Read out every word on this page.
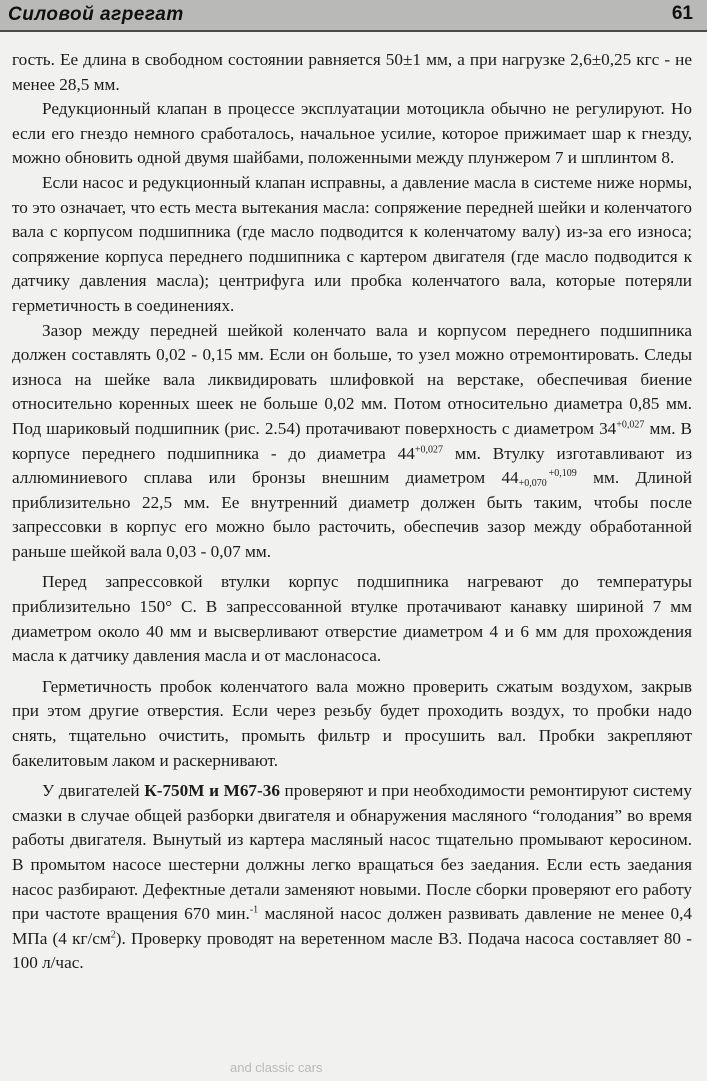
Силовой агрегат	61

гость. Ее длина в свободном состоянии равняется 50±1 мм, а при нагрузке 2,6±0,25 кгс - не менее 28,5 мм.

Редукционный клапан в процессе эксплуатации мотоцикла обычно не регулируют. Но если его гнездо немного сработалось, начальное усилие, которое прижимает шар к гнезду, можно обновить одной двумя шайбами, положенными между плунжером 7 и шплинтом 8.

Если насос и редукционный клапан исправны, а давление масла в системе ниже нормы, то это означает, что есть места вытекания масла: сопряжение передней шейки и коленчатого вала с корпусом подшипника (где масло подводится к коленчатому валу) из-за его износа; сопряжение корпуса переднего подшипника с картером двигателя (где масло подводится к датчику давления масла); центрифуга или пробка коленчатого вала, которые потеряли герметичность в соединениях.

Зазор между передней шейкой коленчато вала и корпусом переднего подшипника должен составлять 0,02 - 0,15 мм. Если он больше, то узел можно отремонтировать. Следы износа на шейке вала ликвидировать шлифовкой на верстаке, обеспечивая биение относительно коренных шеек не больше 0,02 мм. Потом относительно диаметра 0,85 мм. Под шариковый подшипник (рис. 2.54) протачивают поверхность с диаметром $34^{+0,027}$ мм. В корпусе переднего подшипника - до диаметра $44^{+0,027}$ мм. Втулку изготавливают из аллюминиевого сплава или бронзы внешним диаметром 44	+0,109
+0,070 мм. Длиной приблизительно 22,5 мм. Ее внутренний диаметр должен быть таким, чтобы после запрессовки в корпус его можно было расточить, обеспечив зазор между обработанной раньше шейкой вала 0,03 - 0,07 мм.

Перед запрессовкой втулки корпус подшипника нагревают до температуры приблизительно 150° С. В запрессованной втулке протачивают канавку шириной 7 мм диаметром около 40 мм и высверливают отверстие диаметром 4 и 6 мм для прохождения масла к датчику давления масла и от маслонасоса.

Герметичность пробок коленчатого вала можно проверить сжатым воздухом, закрыв при этом другие отверстия. Если через резьбу будет проходить воздух, то пробки надо снять, тщательно очистить, промыть фильтр и просушить вал. Пробки закрепляют бакелитовым лаком и раскернивают.

У двигателей К-750М и М67-36 проверяют и при необходимости ремонтируют систему смазки в случае общей разборки двигателя и обнаружения масляного “голодания” во время работы двигателя. Вынутый из картера масляный насос тщательно промывают керосином. В промытом насосе шестерни должны легко вращаться без заедания. Если есть заедания насос разбирают. Дефектные детали заменяют новыми. После сборки проверяют его работу при частоте вращения 670 мин.$^{-1}$ масляной насос должен развивать давление не менее 0,4 МПа (4 $кг/см^2$). Проверку проводят на веретенном масле В3. Подача насоса составляет 80 - 100 л/час.

and classic cars
